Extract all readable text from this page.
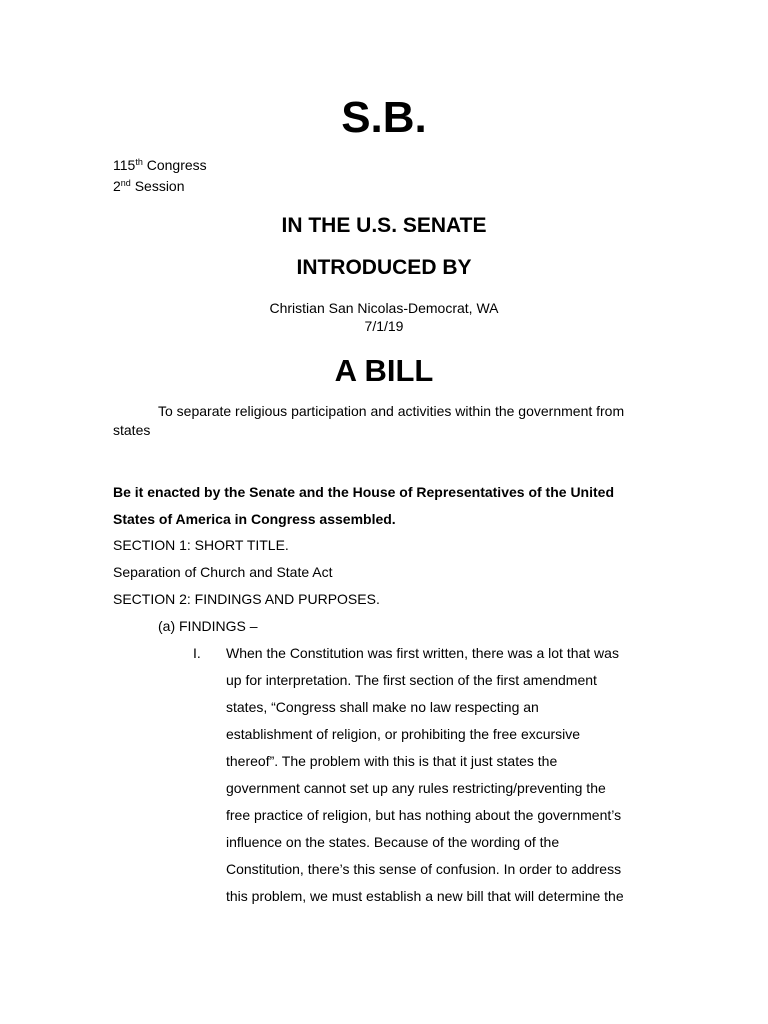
S.B.
115th Congress
2nd Session
IN THE U.S. SENATE
INTRODUCED BY
Christian San Nicolas-Democrat, WA
7/1/19
A BILL
To separate religious participation and activities within the government from states
Be it enacted by the Senate and the House of Representatives of the United
States of America in Congress assembled.
SECTION 1: SHORT TITLE.
Separation of Church and State Act
SECTION 2: FINDINGS AND PURPOSES.
(a) FINDINGS –
I. When the Constitution was first written, there was a lot that was
up for interpretation. The first section of the first amendment
states, “Congress shall make no law respecting an
establishment of religion, or prohibiting the free excursive
thereof”. The problem with this is that it just states the
government cannot set up any rules restricting/preventing the
free practice of religion, but has nothing about the government’s
influence on the states. Because of the wording of the
Constitution, there’s this sense of confusion. In order to address
this problem, we must establish a new bill that will determine the
